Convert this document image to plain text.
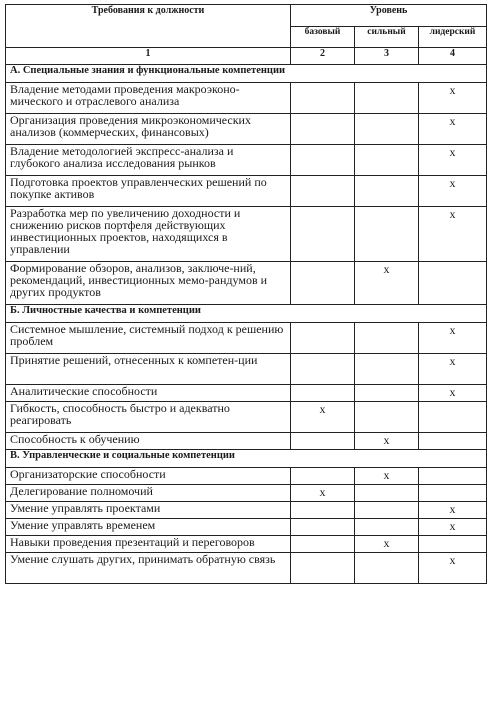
Требования к должности	Уровень		
	базовый	сильный	лидерский
1	2	3	4
А. Специальные знания и функциональные компетенции			
Владение методами проведения макроэконо-мического и отраслевого анализа			x
Организация проведения микроэкономических анализов (коммерческих, финансовых)			x
Владение методологией экспресс-анализа и глубокого анализа исследования рынков			x
Подготовка проектов управленческих решений по покупке активов			x
Разработка мер по увеличению доходности и снижению рисков портфеля действующих инвестиционных проектов, находящихся в управлении			x
Формирование обзоров, анализов, заключе-ний, рекомендаций, инвестиционных мемо-рандумов и других продуктов		x	
Б. Личностные качества и компетенции			
Системное мышление, системный подход к решению проблем			x
Принятие решений, отнесенных к компетен-ции			x
Аналитические способности			x
Гибкость, способность быстро и адекватно реагировать	x		
Способность к обучению		x	
В. Управленческие и социальные компетенции			
Организаторские способности		x	
Делегирование полномочий	x		
Умение управлять проектами			x
Умение управлять временем			x
Навыки проведения презентаций и переговоров		x	
Умение слушать других, принимать обратную связь			x
